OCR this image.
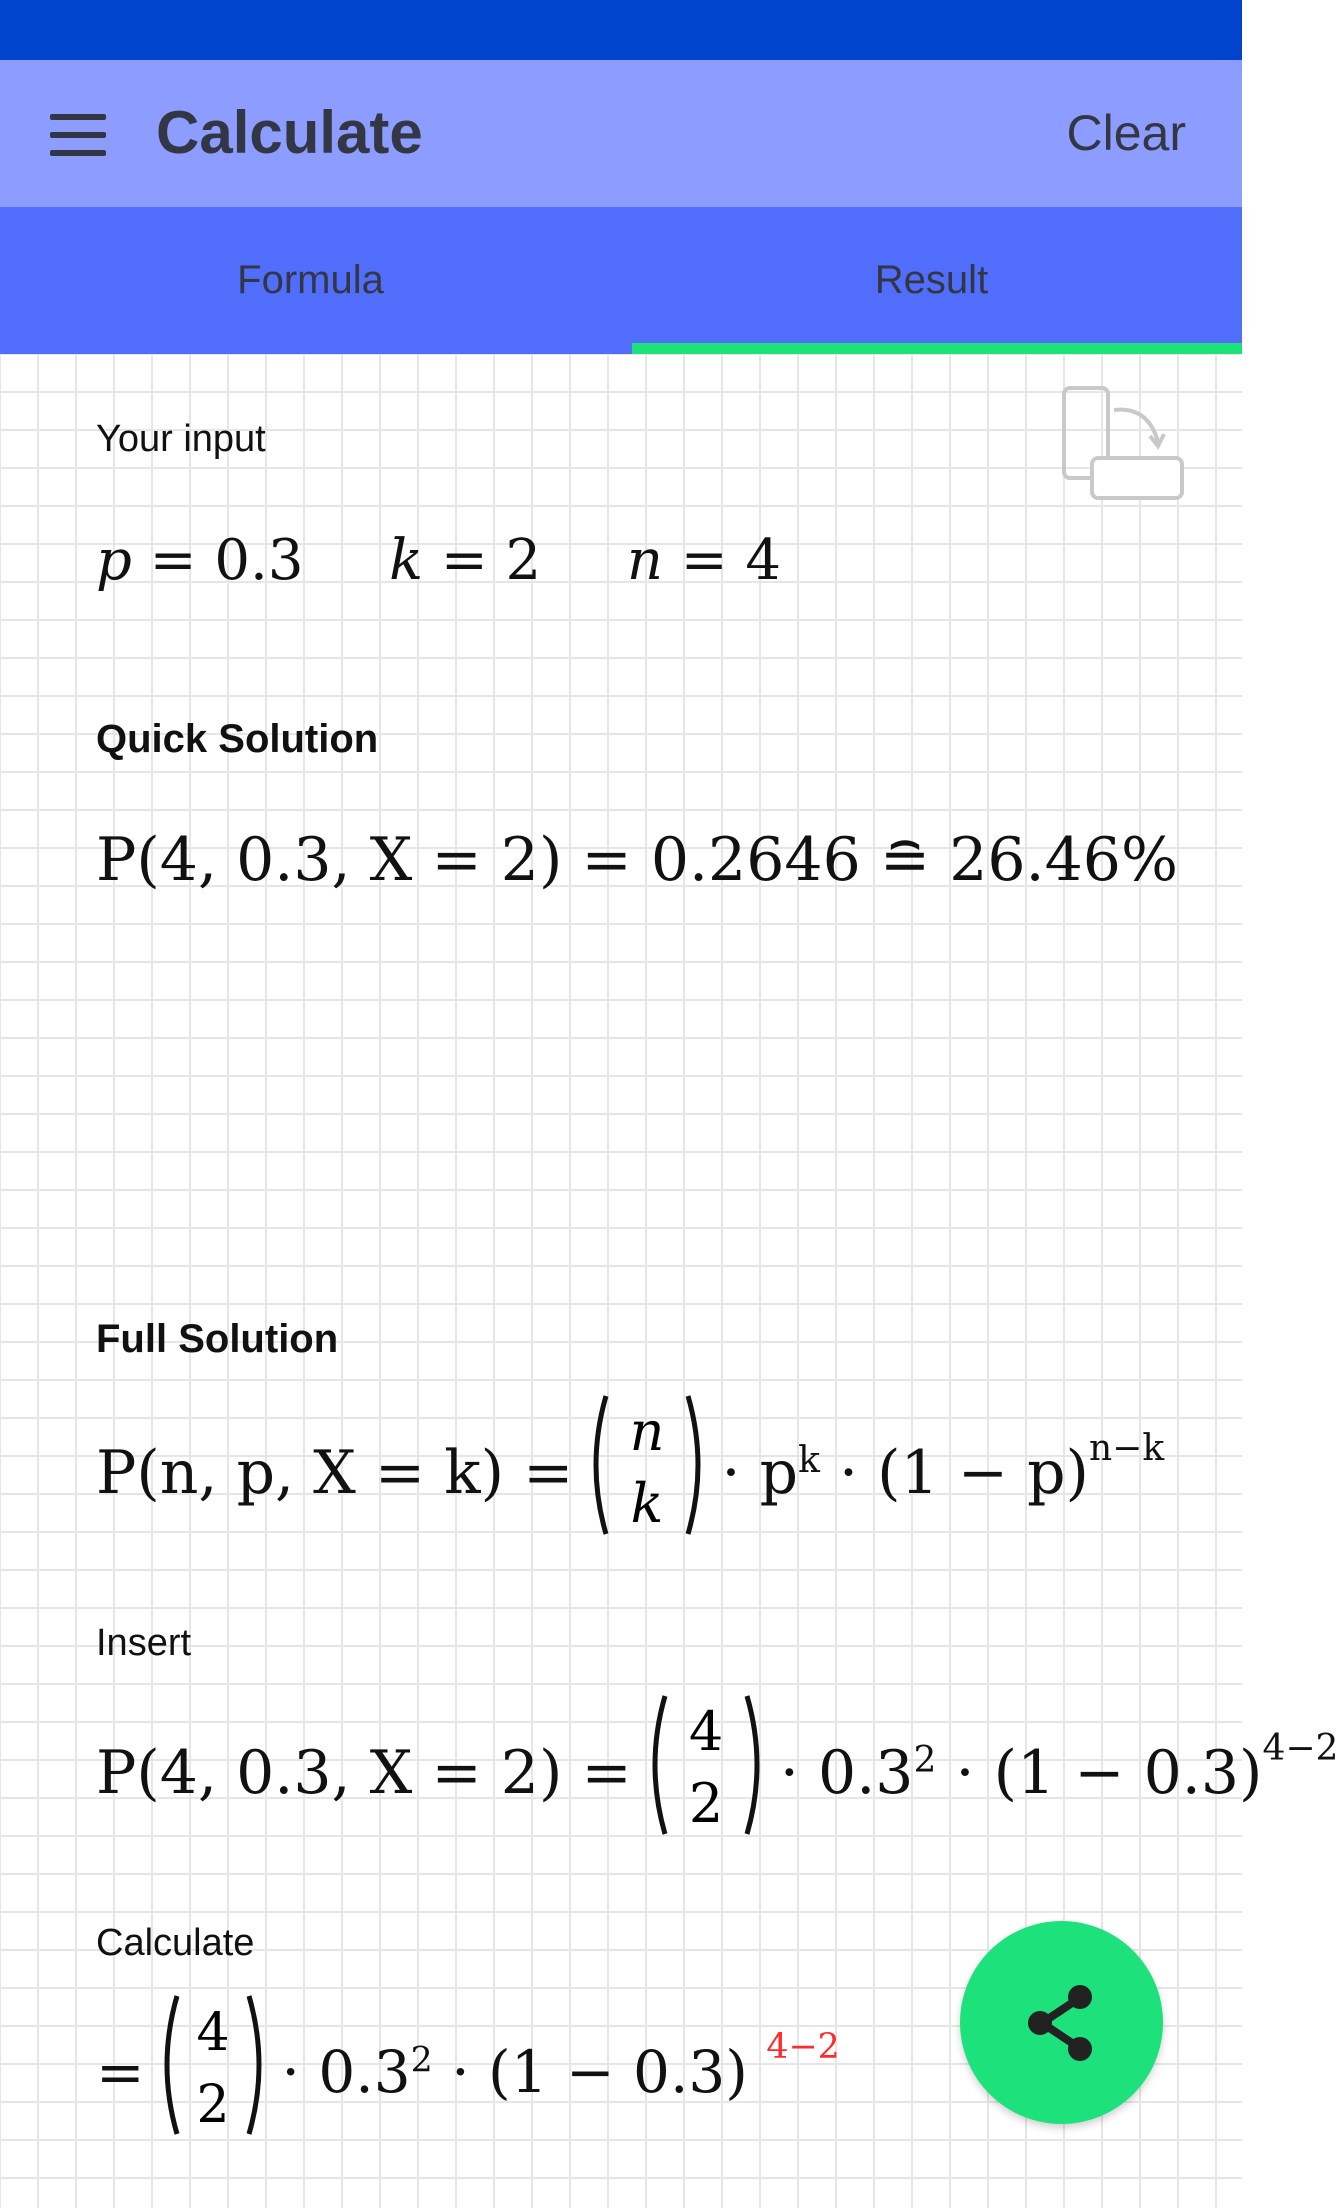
Calculate	Clear
Formula	Result
Your input
p = 0.3 k = 2 n = 4
Quick Solution
P(4, 0.3, X = 2) = 0.2646 ≘ 26.46%
Full Solution
P(n, p, X = k) =
n
$k \cdot p^k \cdot (1 - p)^{n-k}$
Insert
P(4, 0.3, X = 2) =
4
$2 \cdot 0.3^2 \cdot (1 - 0.3)^{4-2}$
Calculate
=
4
$2 \cdot 0.3^2 \cdot (1 - 0.3)$ $^{4-2}$
